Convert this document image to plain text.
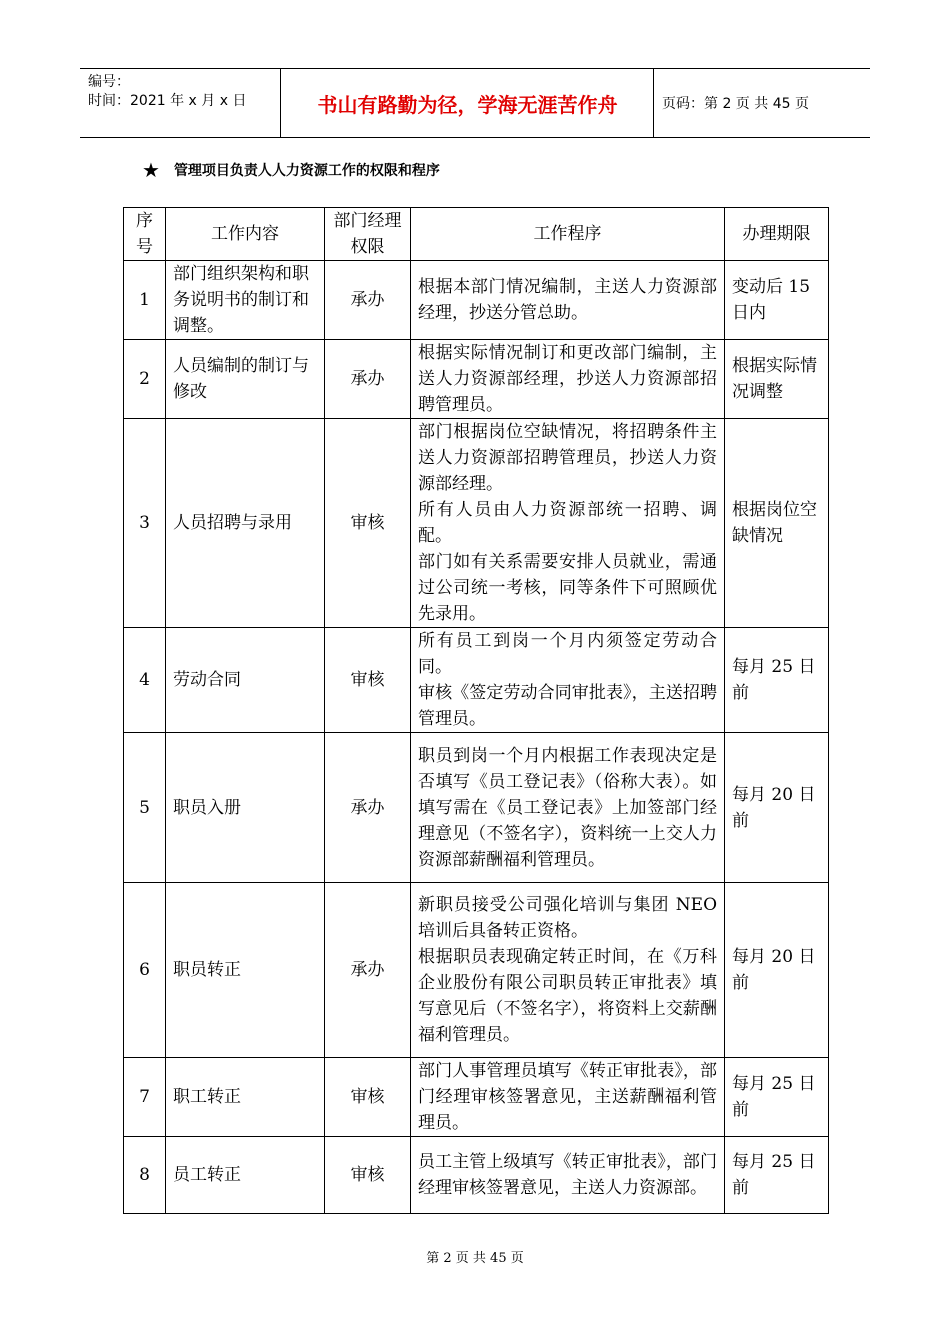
编号：
时间：2021 年 x 月 x 日	书山有路勤为径，学海无涯苦作舟	页码：第 2 页 共 45 页
★ 管理项目负责人人力资源工作的权限和程序
序号	工作内容	部门经理权限	工作程序	办理期限
1	部门组织架构和职务说明书的制订和调整。	承办	根据本部门情况编制，主送人力资源部经理，抄送分管总助。	变动后 15 日内
2	人员编制的制订与修改	承办	根据实际情况制订和更改部门编制，主送人力资源部经理，抄送人力资源部招聘管理员。	根据实际情况调整
3	人员招聘与录用	审核	部门根据岗位空缺情况，将招聘条件主送人力资源部招聘管理员，抄送人力资源部经理。

所有人员由人力资源部统一招聘、调配。

部门如有关系需要安排人员就业，需通过公司统一考核，同等条件下可照顾优先录用。	根据岗位空缺情况
4	劳动合同	审核	所有员工到岗一个月内须签定劳动合同。

审核《签定劳动合同审批表》，主送招聘管理员。	每月 25 日前
5	职员入册	承办	职员到岗一个月内根据工作表现决定是否填写《员工登记表》（俗称大表）。如填写需在《员工登记表》上加签部门经理意见（不签名字），资料统一上交人力资源部薪酬福利管理员。	每月 20 日前
6	职员转正	承办	新职员接受公司强化培训与集团 NEO 培训后具备转正资格。

根据职员表现确定转正时间，在《万科企业股份有限公司职员转正审批表》填写意见后（不签名字），将资料上交薪酬福利管理员。	每月 20 日前
7	职工转正	审核	部门人事管理员填写《转正审批表》，部门经理审核签署意见，主送薪酬福利管理员。	每月 25 日前
8	员工转正	审核	员工主管上级填写《转正审批表》，部门经理审核签署意见，主送人力资源部。	每月 25 日前
第 2 页 共 45 页
